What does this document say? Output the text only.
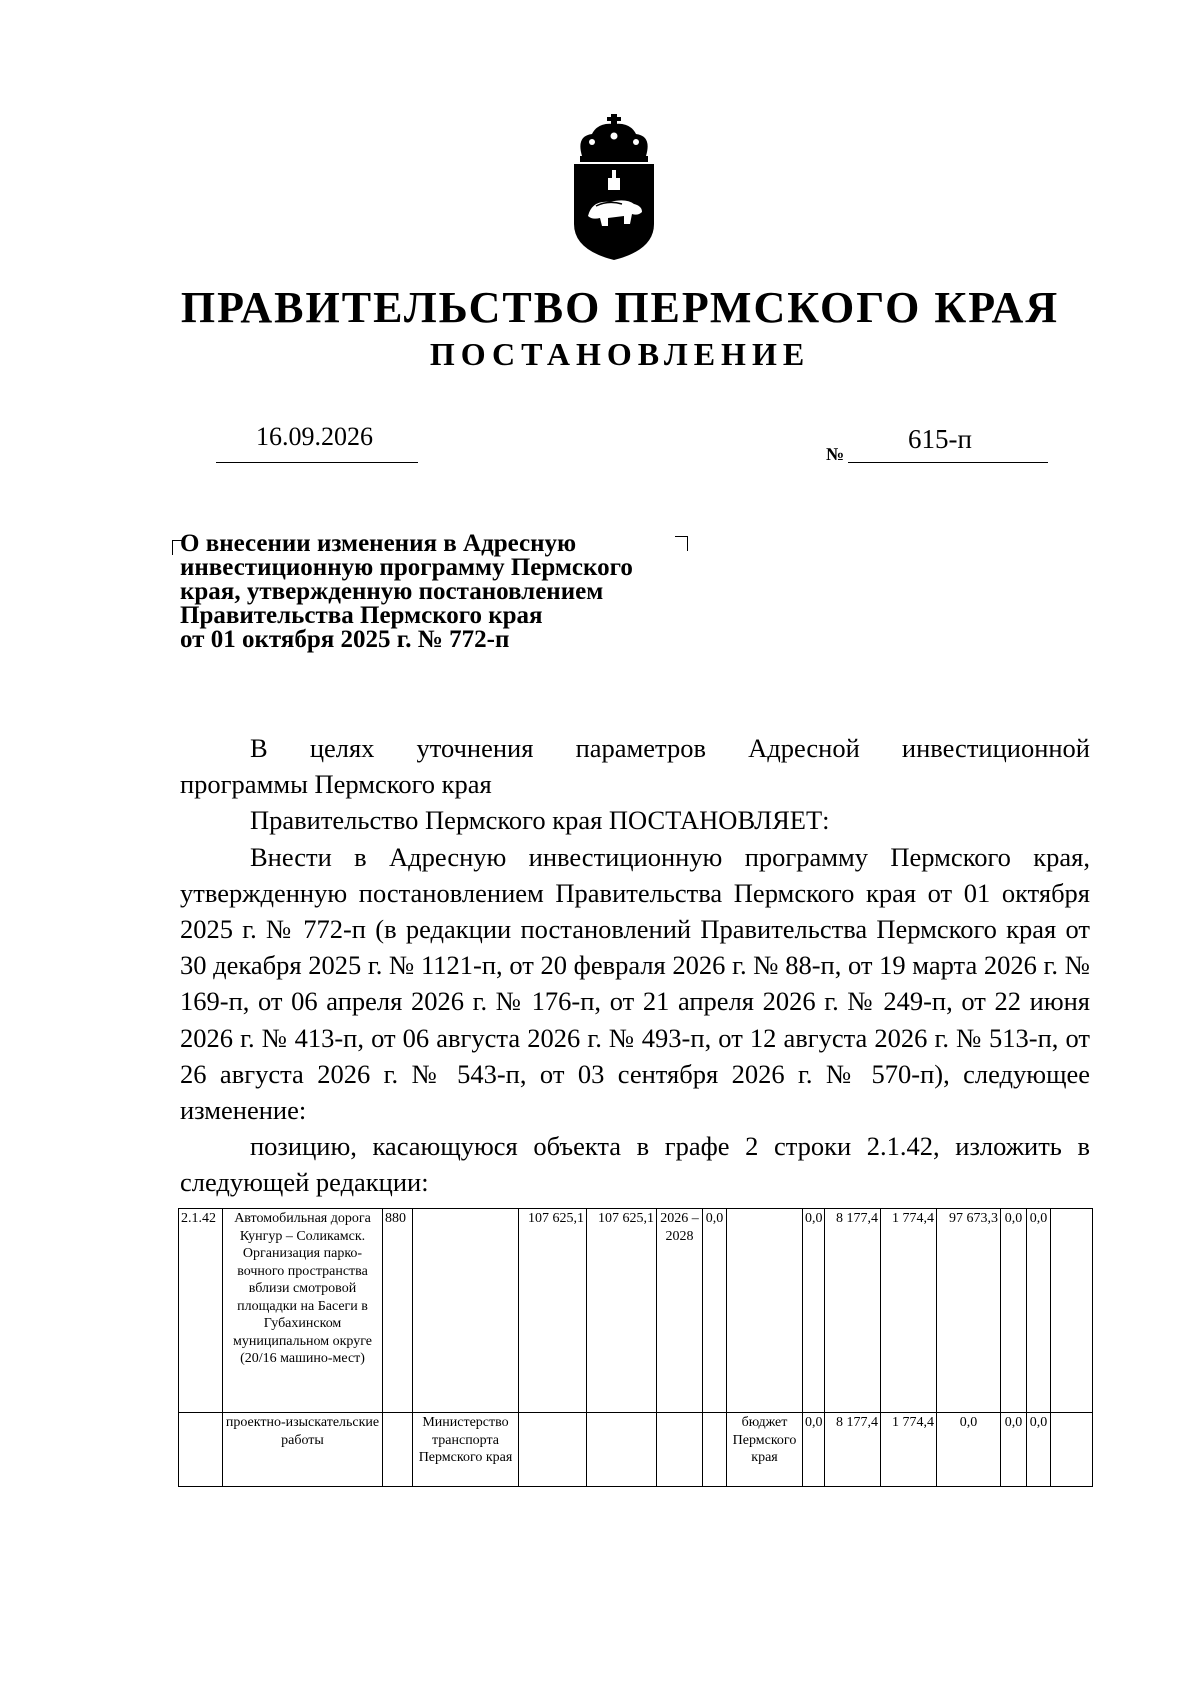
ПРАВИТЕЛЬСТВО ПЕРМСКОГО КРАЯ
ПОСТАНОВЛЕНИЕ
16.09.2026
№ 615-п
О внесении изменения в Адресную
инвестиционную программу Пермского
края, утвержденную постановлением
Правительства Пермского края
от 01 октября 2025 г. № 772-п

В целях уточнения параметров Адресной инвестиционной

программы Пермского края

Правительство Пермского края ПОСТАНОВЛЯЕТ:

Внести в Адресную инвестиционную программу Пермского края, утвержденную постановлением Правительства Пермского края от 01 октября 2025 г. № 772-п (в редакции постановлений Правительства Пермского края от 30 декабря 2025 г. № 1121-п, от 20 февраля 2026 г. № 88-п, от 19 марта 2026 г. № 169-п, от 06 апреля 2026 г. № 176-п, от 21 апреля 2026 г. № 249-п, от 22 июня 2026 г. № 413-п, от 06 августа 2026 г. № 493-п, от 12 августа 2026 г. № 513-п, от 26 августа 2026 г. № 543-п, от 03 сентября 2026 г. № 570-п), следующее изменение:

позицию, касающуюся объекта в графе 2 строки 2.1.42, изложить в следующей редакции:

2.1.42	Автомобильная дорога Кунгур – Соликамск. Организация парко-вочного пространства вблизи смотровой площадки на Басеги в Губахинском муниципальном округе (20/16 машино-мест)	880		107 625,1	107 625,1	2026 – 2028	0,0		0,0	8 177,4	1 774,4	97 673,3	0,0	0,0	
	проектно-изыскательские работы		Министерство транспорта Пермского края					бюджет Пермского края	0,0	8 177,4	1 774,4	0,0	0,0	0,0	
